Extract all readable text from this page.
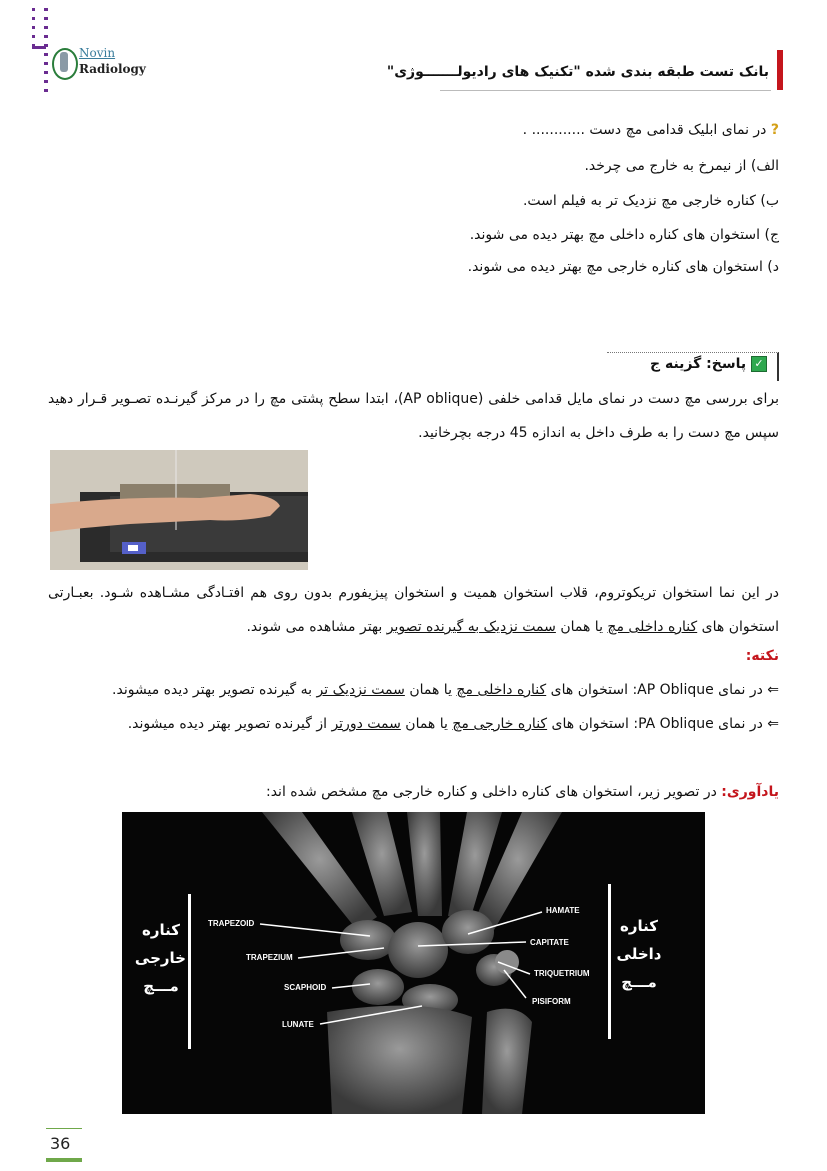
Novin
Radiology	بانک تست طبقه بندی شده "تکنیک های رادیولـــــــوژی"
? در نمای ابلیک قدامی مچ دست ............ .
الف) از نیمرخ به خارج می چرخد.
ب) کناره خارجی مچ نزدیک تر به فیلم است.
ج) استخوان های کناره داخلی مچ بهتر دیده می شوند.
د) استخوان های کناره خارجی مچ بهتر دیده می شوند.
✓ پاسخ: گزینه ج
برای بررسی مچ دست در نمای مایل قدامی خلفی (AP oblique)، ابتدا سطح پشتی مچ را در مرکز گیرنـده تصـویر قـرار دهید سپس مچ دست را به طرف داخل به اندازه 45 درجه بچرخانید.
در این نما استخوان تریکوتروم، قلاب استخوان همیت و استخوان پیزیفورم بدون روی هم افتـادگی مشـاهده شـود. بعبـارتی استخوان های کناره داخلی مچ یا همان سمت نزدیک به گیرنده تصویر بهتر مشاهده می شوند.
نکته:
⇐ در نمای AP Oblique: استخوان های کناره داخلی مچ یا همان سمت نزدیک تر به گیرنده تصویر بهتر دیده میشوند.
⇐ در نمای PA Oblique: استخوان های کناره خارجی مچ یا همان سمت دورتر از گیرنده تصویر بهتر دیده میشوند.
یادآوری: در تصویر زیر، استخوان های کناره داخلی و کناره خارجی مچ مشخص شده اند:
کناره
خارجی
مـــچ
کناره
داخلی
مـــچ
TRAPEZOID
TRAPEZIUM
SCAPHOID
LUNATE
HAMATE
CAPITATE
TRIQUETRIUM
PISIFORM
36
